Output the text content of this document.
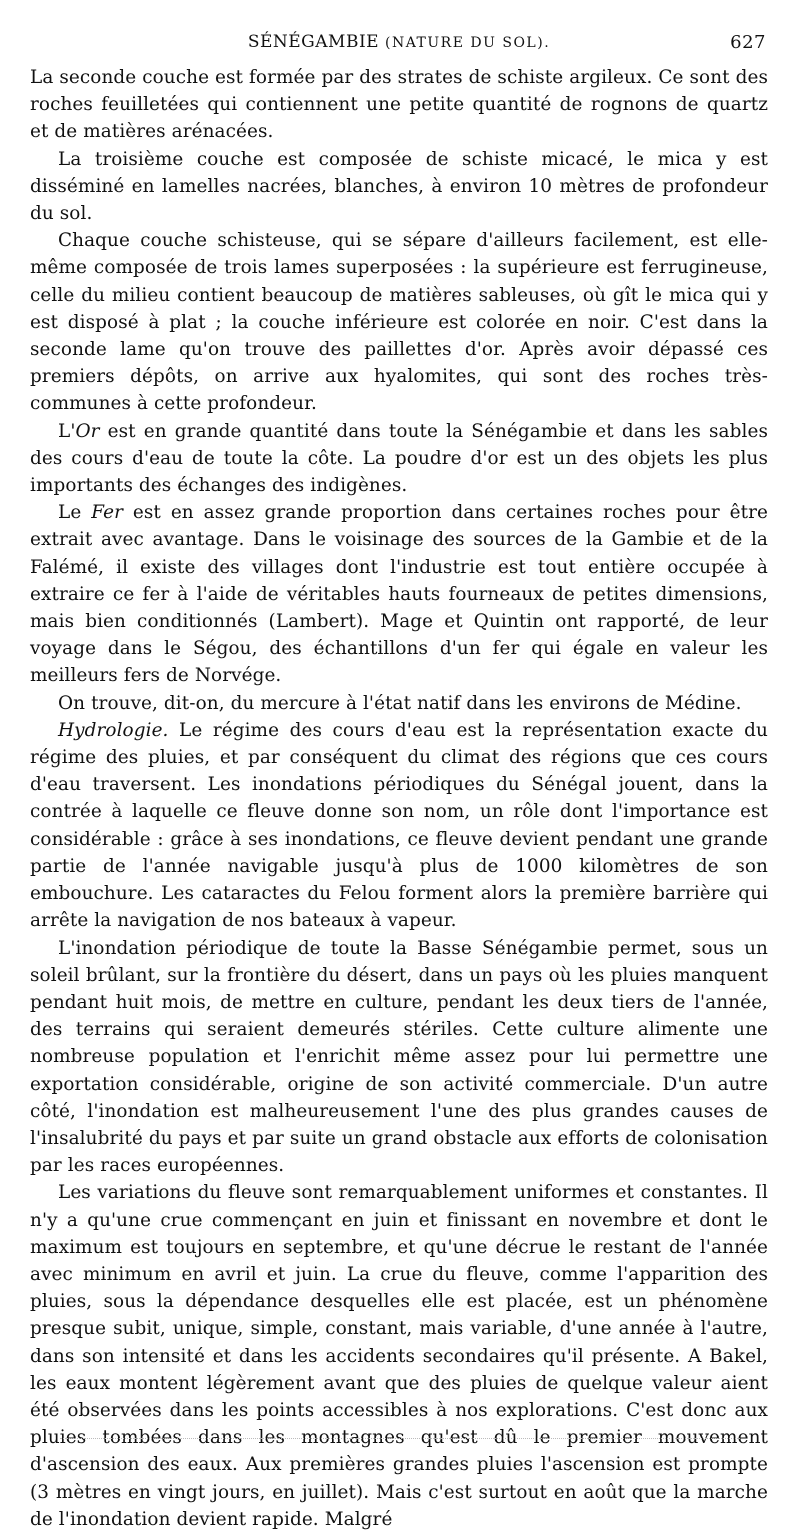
SÉNÉGAMBIE (NATURE DU SOL).	627

La seconde couche est formée par des strates de schiste argileux. Ce sont des roches feuilletées qui contiennent une petite quantité de rognons de quartz et de matières arénacées.

La troisième couche est composée de schiste micacé, le mica y est disséminé en lamelles nacrées, blanches, à environ 10 mètres de profondeur du sol.

Chaque couche schisteuse, qui se sépare d'ailleurs facilement, est elle-même composée de trois lames superposées : la supérieure est ferrugineuse, celle du milieu contient beaucoup de matières sableuses, où gît le mica qui y est disposé à plat ; la couche inférieure est colorée en noir. C'est dans la seconde lame qu'on trouve des paillettes d'or. Après avoir dépassé ces premiers dépôts, on arrive aux hyalomites, qui sont des roches très-communes à cette profondeur.

L'Or est en grande quantité dans toute la Sénégambie et dans les sables des cours d'eau de toute la côte. La poudre d'or est un des objets les plus importants des échanges des indigènes.

Le Fer est en assez grande proportion dans certaines roches pour être extrait avec avantage. Dans le voisinage des sources de la Gambie et de la Falémé, il existe des villages dont l'industrie est tout entière occupée à extraire ce fer à l'aide de véritables hauts fourneaux de petites dimensions, mais bien conditionnés (Lambert). Mage et Quintin ont rapporté, de leur voyage dans le Ségou, des échantillons d'un fer qui égale en valeur les meilleurs fers de Norvége.

On trouve, dit-on, du mercure à l'état natif dans les environs de Médine.

Hydrologie. Le régime des cours d'eau est la représentation exacte du régime des pluies, et par conséquent du climat des régions que ces cours d'eau traversent. Les inondations périodiques du Sénégal jouent, dans la contrée à laquelle ce fleuve donne son nom, un rôle dont l'importance est considérable : grâce à ses inondations, ce fleuve devient pendant une grande partie de l'année navigable jusqu'à plus de 1000 kilomètres de son embouchure. Les cataractes du Felou forment alors la première barrière qui arrête la navigation de nos bateaux à vapeur.

L'inondation périodique de toute la Basse Sénégambie permet, sous un soleil brûlant, sur la frontière du désert, dans un pays où les pluies manquent pendant huit mois, de mettre en culture, pendant les deux tiers de l'année, des terrains qui seraient demeurés stériles. Cette culture alimente une nombreuse population et l'enrichit même assez pour lui permettre une exportation considérable, origine de son activité commerciale. D'un autre côté, l'inondation est malheureusement l'une des plus grandes causes de l'insalubrité du pays et par suite un grand obstacle aux efforts de colonisation par les races européennes.

Les variations du fleuve sont remarquablement uniformes et constantes. Il n'y a qu'une crue commençant en juin et finissant en novembre et dont le maximum est toujours en septembre, et qu'une décrue le restant de l'année avec minimum en avril et juin. La crue du fleuve, comme l'apparition des pluies, sous la dépendance desquelles elle est placée, est un phénomène presque subit, unique, simple, constant, mais variable, d'une année à l'autre, dans son intensité et dans les accidents secondaires qu'il présente. A Bakel, les eaux montent légèrement avant que des pluies de quelque valeur aient été observées dans les points accessibles à nos explorations. C'est donc aux pluies tombées dans les montagnes qu'est dû le premier mouvement d'ascension des eaux. Aux premières grandes pluies l'ascension est prompte (3 mètres en vingt jours, en juillet). Mais c'est surtout en août que la marche de l'inondation devient rapide. Malgré
